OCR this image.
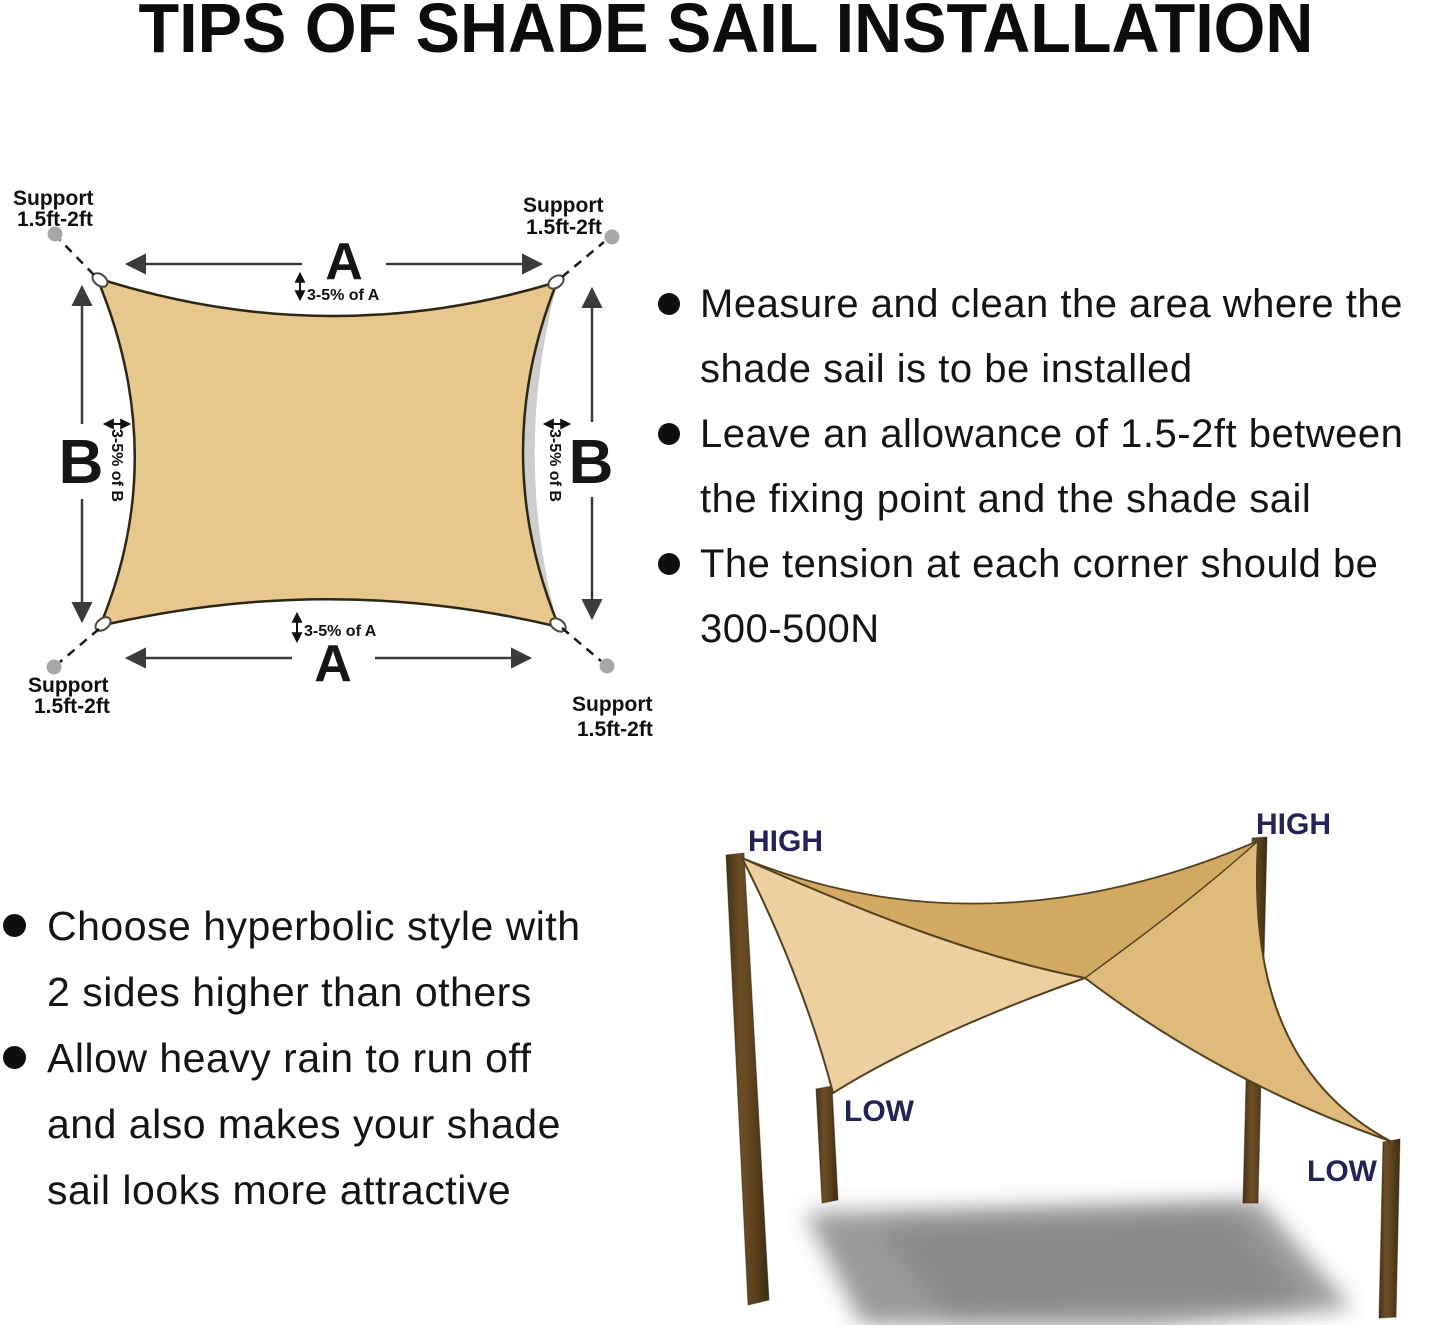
TIPS OF SHADE SAIL INSTALLATION
Support
1.5ft-2ft
Support
1.5ft-2ft
Support
1.5ft-2ft	Support
1.5ft-2ft
A
A
B	B
3-5% of A
3-5% of A
3-5% of B	3-5% of B
Measure and clean the area where the
shade sail is to be installed
Leave an allowance of 1.5-2ft between
the fixing point and the shade sail
The tension at each corner should be
300-500N
Choose hyperbolic style with
2 sides higher than others
Allow heavy rain to run off
and also makes your shade
sail looks more attractive
HIGH
HIGH
LOW
LOW
